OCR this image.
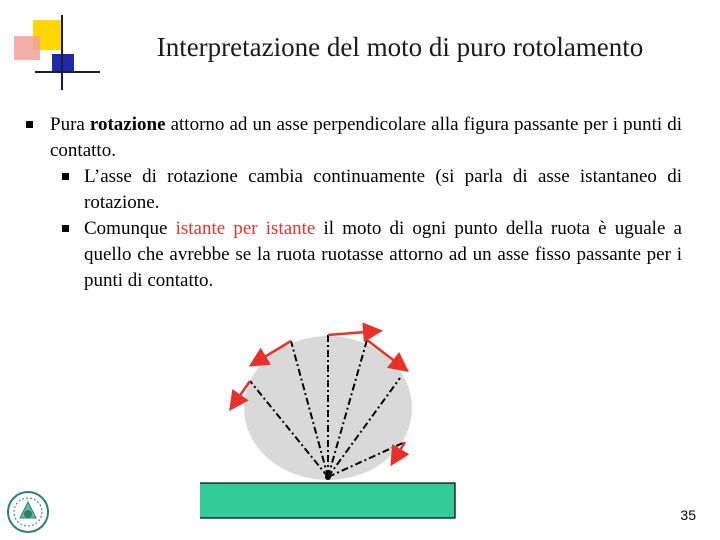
Interpretazione del moto di puro rotolamento
Pura rotazione attorno ad un asse perpendicolare alla figura passante per i punti di contatto.
L’asse di rotazione cambia continuamente (si parla di asse istantaneo di rotazione.
Comunque istante per istante il moto di ogni punto della ruota è uguale a quello che avrebbe se la ruota ruotasse attorno ad un asse fisso passante per i punti di contatto.
35
